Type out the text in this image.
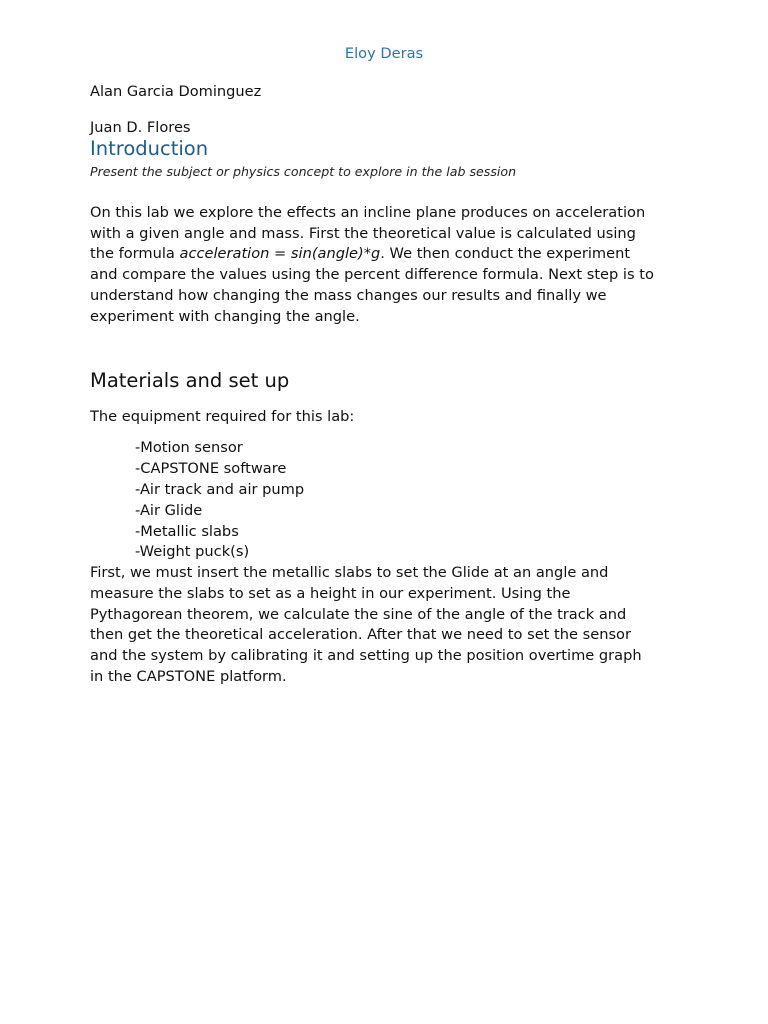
Eloy Deras
Alan Garcia Dominguez
Juan D. Flores
Introduction
Present the subject or physics concept to explore in the lab session
On this lab we explore the effects an incline plane produces on acceleration
with a given angle and mass. First the theoretical value is calculated using
the formula acceleration = sin(angle)*g. We then conduct the experiment
and compare the values using the percent difference formula. Next step is to
understand how changing the mass changes our results and finally we
experiment with changing the angle.
Materials and set up
The equipment required for this lab:
-Motion sensor
-CAPSTONE software
-Air track and air pump
-Air Glide
-Metallic slabs
-Weight puck(s)
First, we must insert the metallic slabs to set the Glide at an angle and
measure the slabs to set as a height in our experiment. Using the
Pythagorean theorem, we calculate the sine of the angle of the track and
then get the theoretical acceleration. After that we need to set the sensor
and the system by calibrating it and setting up the position overtime graph
in the CAPSTONE platform.
